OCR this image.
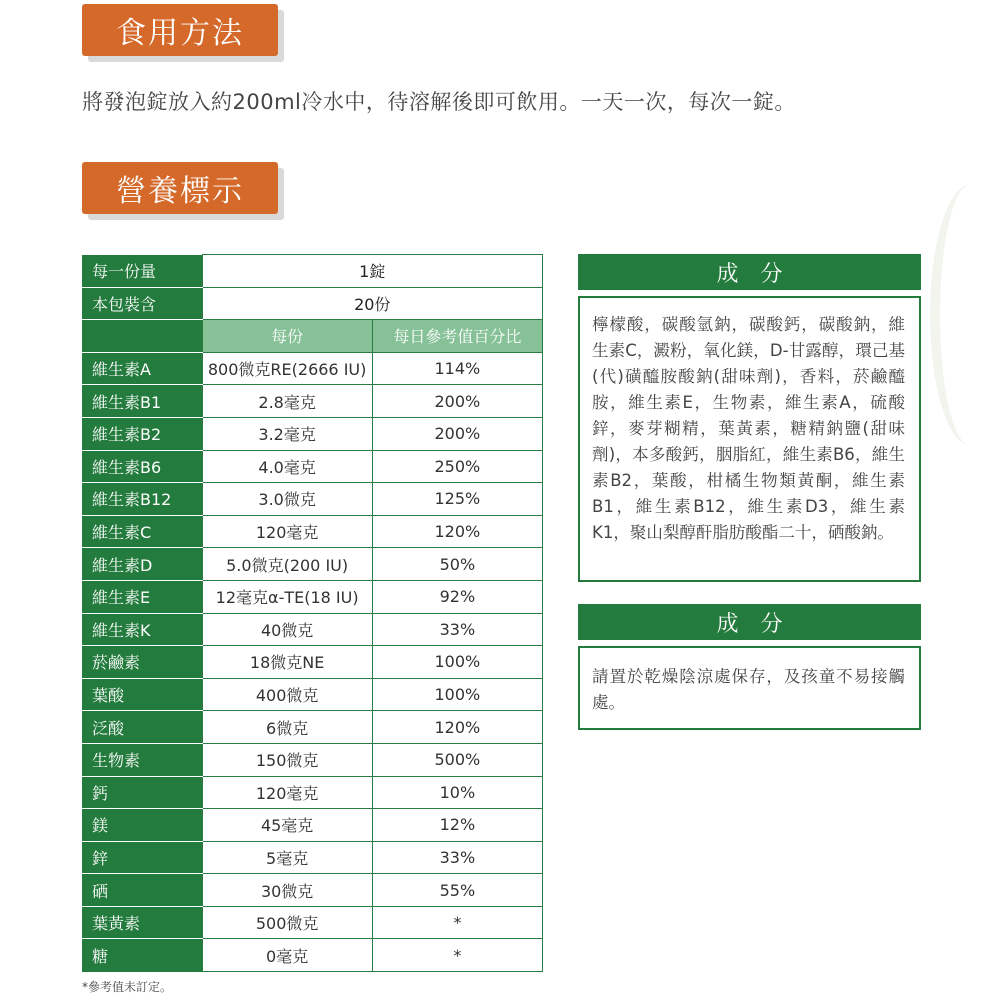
食用方法
將發泡錠放入約200ml冷水中，待溶解後即可飲用。一天一次，每次一錠。
營養標示
每一份量	1錠	
本包裝含	20份	
	每份	每日參考值百分比
維生素A	800微克RE(2666 IU)	114%
維生素B1	2.8毫克	200%
維生素B2	3.2毫克	200%
維生素B6	4.0毫克	250%
維生素B12	3.0微克	125%
維生素C	120毫克	120%
維生素D	5.0微克(200 IU)	50%
維生素E	12毫克α-TE(18 IU)	92%
維生素K	40微克	33%
菸鹼素	18微克NE	100%
葉酸	400微克	100%
泛酸	6微克	120%
生物素	150微克	500%
鈣	120毫克	10%
鎂	45毫克	12%
鋅	5毫克	33%
硒	30微克	55%
葉黃素	500微克	*
糖	0毫克	*
*參考值未訂定。
成分
檸檬酸，碳酸氫鈉，碳酸鈣，碳酸鈉，維生素C，澱粉，氧化鎂，D-甘露醇，環己基(代)磺醯胺酸鈉(甜味劑)，香料，菸鹼醯胺，維生素E，生物素，維生素A，硫酸鋅，麥芽糊精，葉黃素，糖精鈉鹽(甜味劑)，本多酸鈣，胭脂紅，維生素B6，維生素B2，葉酸，柑橘生物類黃酮，維生素B1，維生素B12，維生素D3，維生素K1，聚山梨醇酐脂肪酸酯二十，硒酸鈉。
成分
請置於乾燥陰涼處保存，及孩童不易接觸處。
